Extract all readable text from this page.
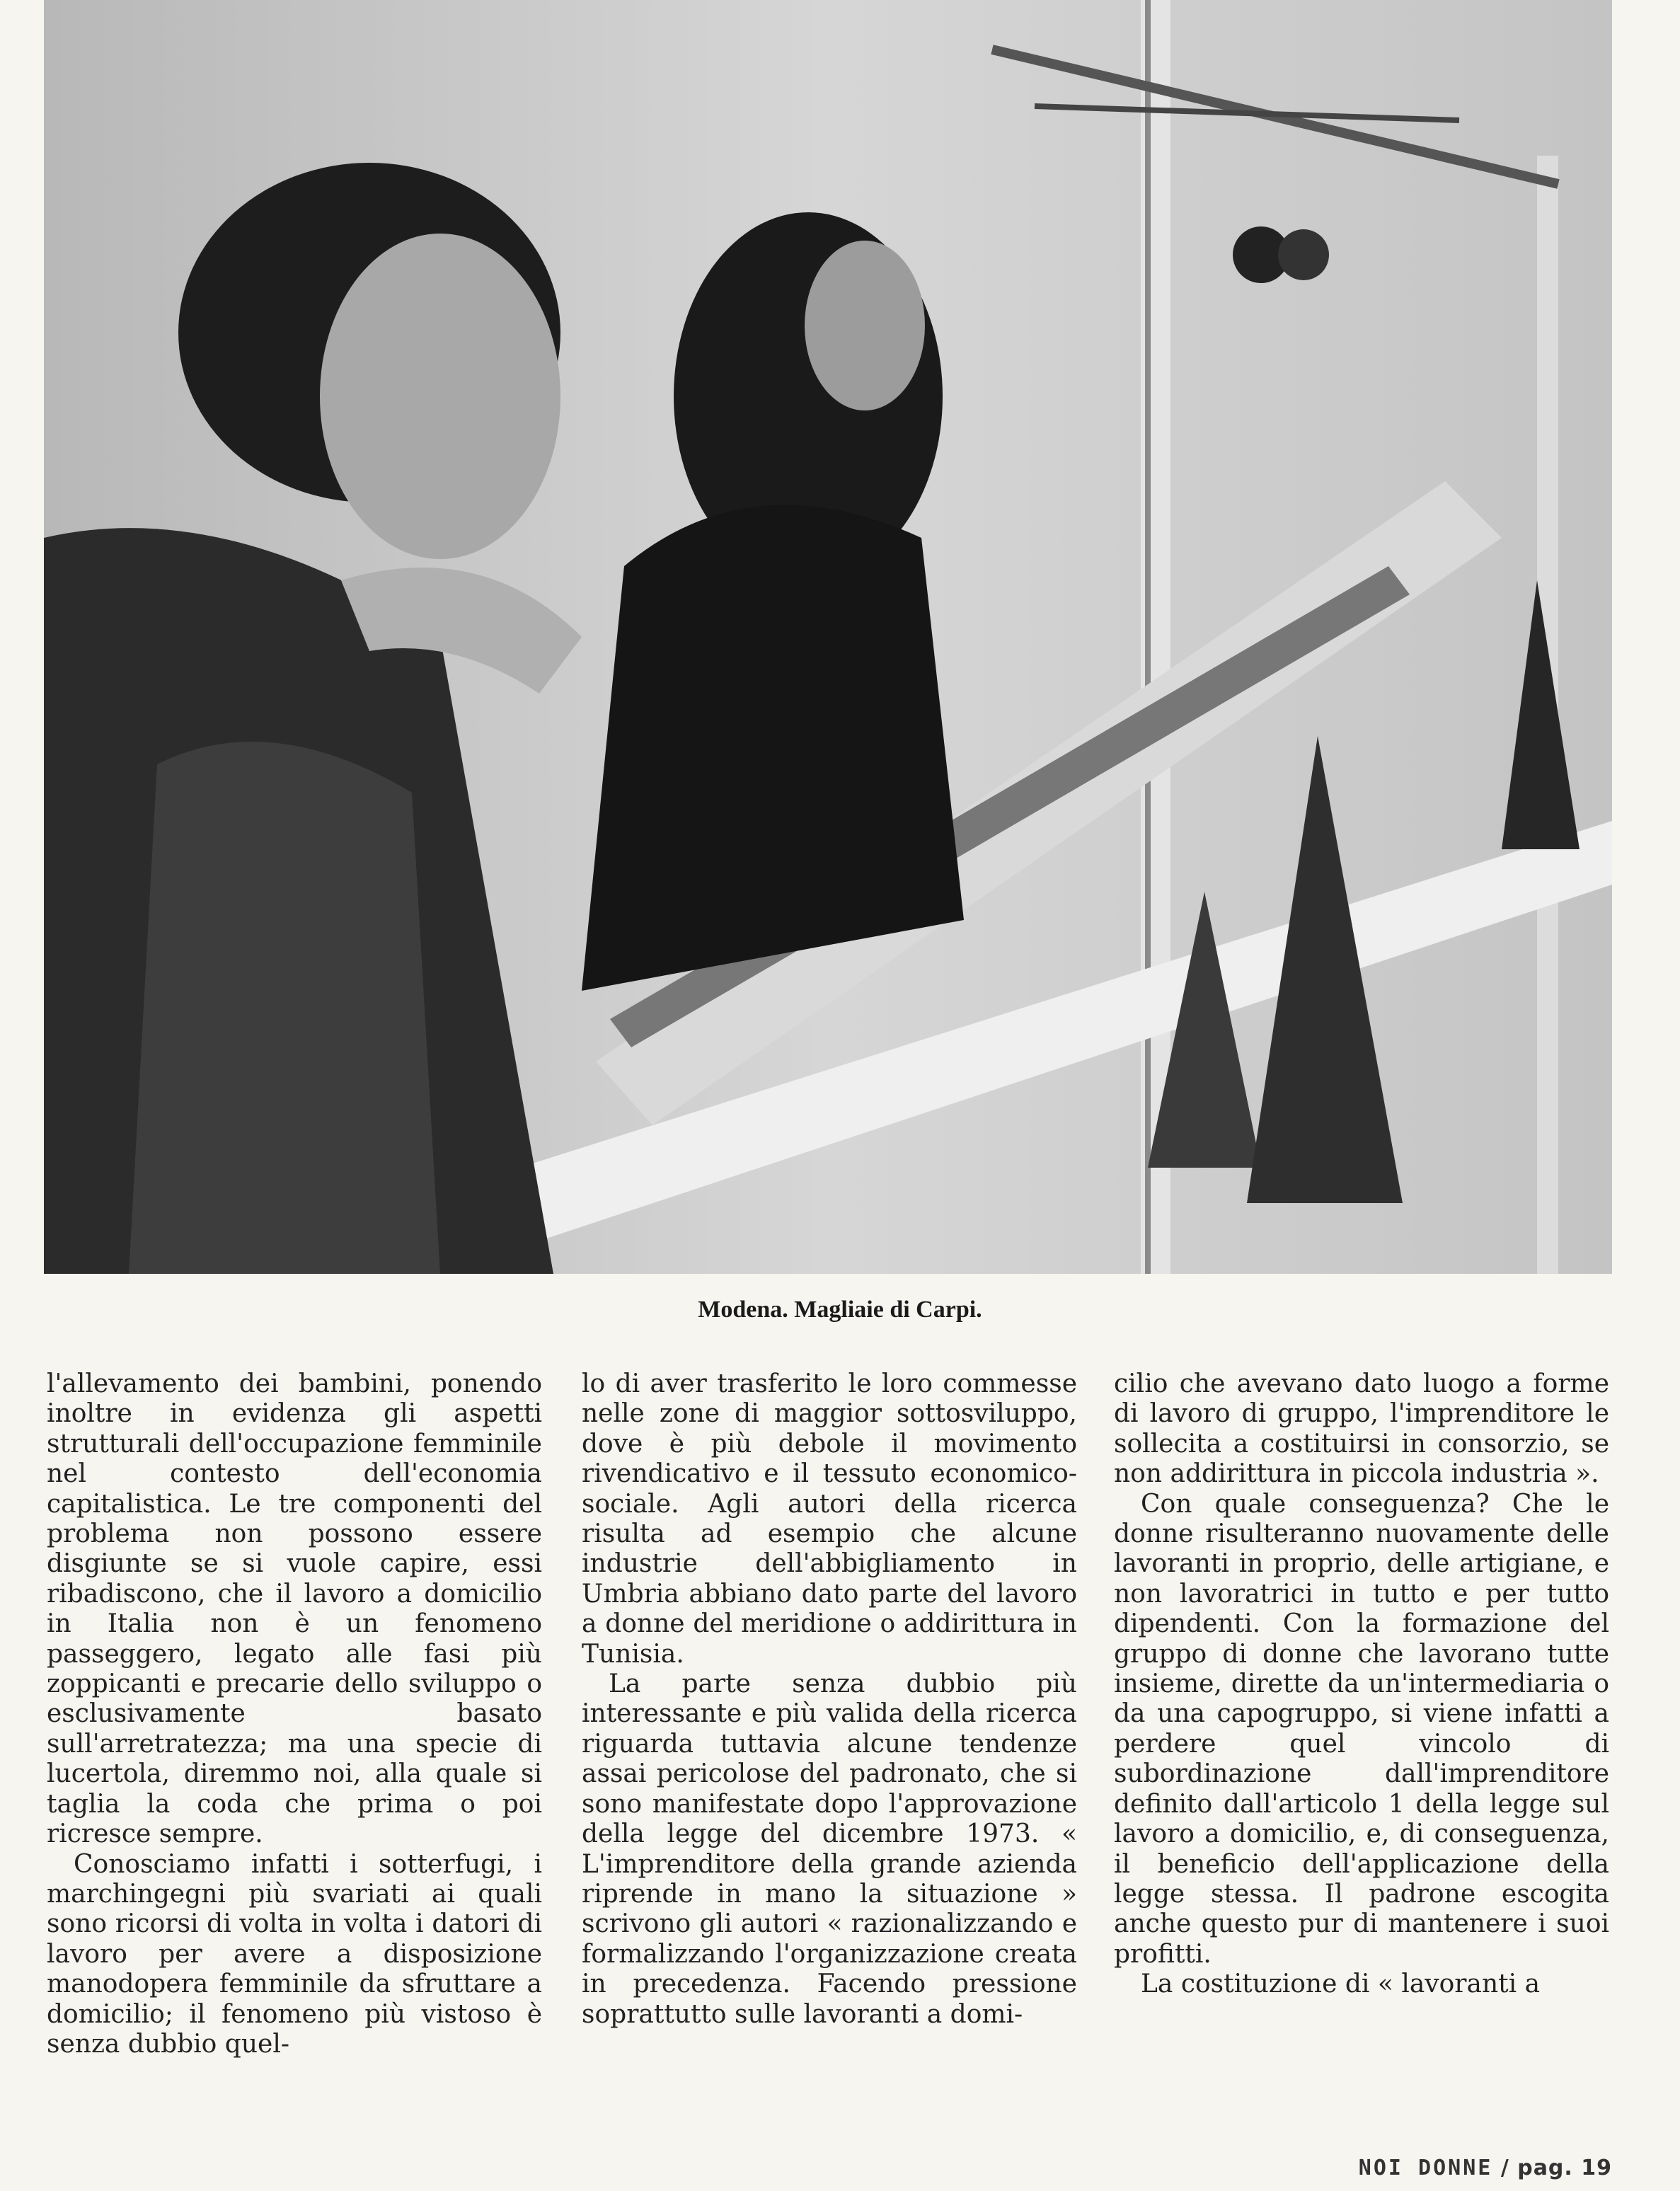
Modena. Magliaie di Carpi.

l'allevamento dei bambini, ponendo inoltre in evidenza gli aspetti strutturali dell'occupazione femminile nel contesto dell'economia capitalistica. Le tre componenti del problema non possono essere disgiunte se si vuole capire, essi ribadiscono, che il lavoro a domicilio in Italia non è un fenomeno passeggero, legato alle fasi più zoppicanti e precarie dello sviluppo o esclusivamente basato sull'arretratezza; ma una specie di lucertola, diremmo noi, alla quale si taglia la coda che prima o poi ricresce sempre.

Conosciamo infatti i sotterfugi, i marchingegni più svariati ai quali sono ricorsi di volta in volta i datori di lavoro per avere a disposizione manodopera femminile da sfruttare a domicilio; il fenomeno più vistoso è senza dubbio quel-

lo di aver trasferito le loro commesse nelle zone di maggior sottosviluppo, dove è più debole il movimento rivendicativo e il tessuto economico-sociale. Agli autori della ricerca risulta ad esempio che alcune industrie dell'abbigliamento in Umbria abbiano dato parte del lavoro a donne del meridione o addirittura in Tunisia.

La parte senza dubbio più interessante e più valida della ricerca riguarda tuttavia alcune tendenze assai pericolose del padronato, che si sono manifestate dopo l'approvazione della legge del dicembre 1973. « L'imprenditore della grande azienda riprende in mano la situazione » scrivono gli autori « razionalizzando e formalizzando l'organizzazione creata in precedenza. Facendo pressione soprattutto sulle lavoranti a domi-

cilio che avevano dato luogo a forme di lavoro di gruppo, l'imprenditore le sollecita a costituirsi in consorzio, se non addirittura in piccola industria ».

Con quale conseguenza? Che le donne risulteranno nuovamente delle lavoranti in proprio, delle artigiane, e non lavoratrici in tutto e per tutto dipendenti. Con la formazione del gruppo di donne che lavorano tutte insieme, dirette da un'intermediaria o da una capogruppo, si viene infatti a perdere quel vincolo di subordinazione dall'imprenditore definito dall'articolo 1 della legge sul lavoro a domicilio, e, di conseguenza, il beneficio dell'applicazione della legge stessa. Il padrone escogita anche questo pur di mantenere i suoi profitti.

La costituzione di « lavoranti a

NOI DONNE / pag. 19
